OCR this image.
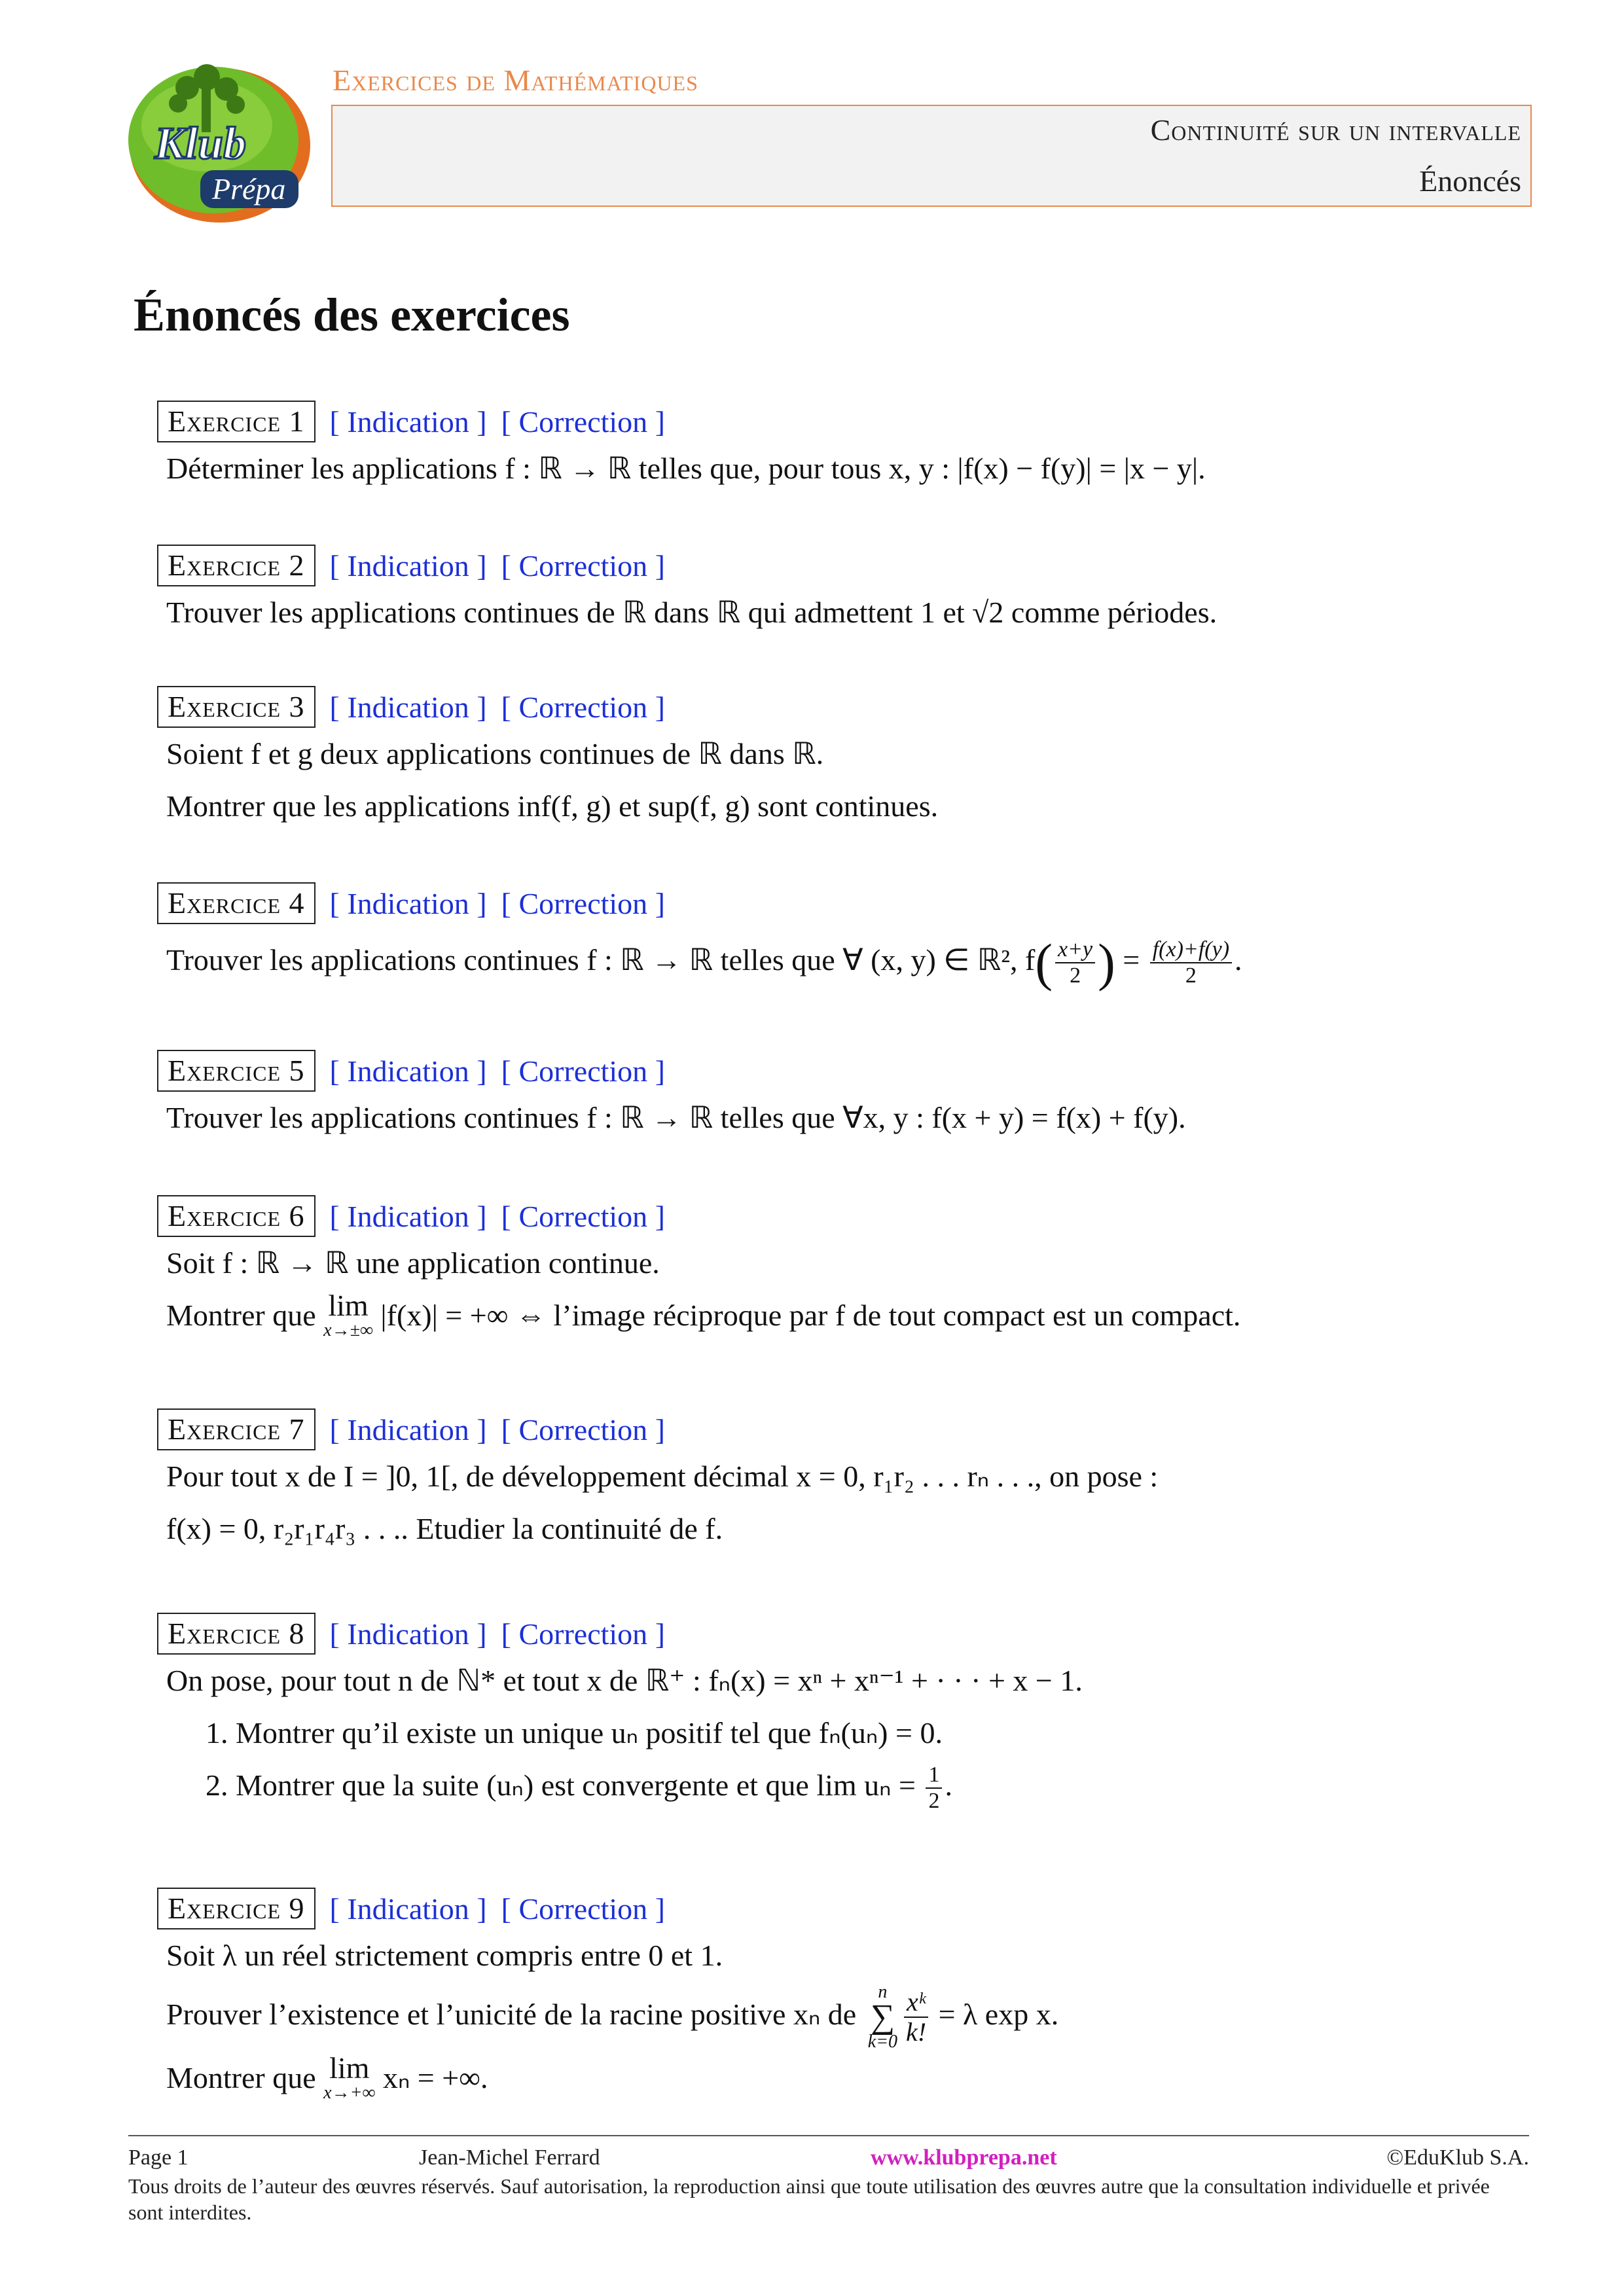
Klub
Prépa
Exercices de Mathématiques
Continuité sur un intervalle
Énoncés
Énoncés des exercices
Exercice 1 [ Indication ] [ Correction ]
Déterminer les applications f : ℝ → ℝ telles que, pour tous x, y : |f(x) − f(y)| = |x − y|.
Exercice 2 [ Indication ] [ Correction ]
Trouver les applications continues de ℝ dans ℝ qui admettent 1 et √2 comme périodes.
Exercice 3 [ Indication ] [ Correction ]
Soient f et g deux applications continues de ℝ dans ℝ.
Montrer que les applications inf(f, g) et sup(f, g) sont continues.
Exercice 4 [ Indication ] [ Correction ]
Trouver les applications continues f : ℝ → ℝ telles que ∀ (x, y) ∈ ℝ², $f( \frac{x+y}{2}$ ) = $\frac{f(x)+f(y)}{2}$ .
Exercice 5 [ Indication ] [ Correction ]
Trouver les applications continues f : ℝ → ℝ telles que ∀x, y : f(x + y) = f(x) + f(y).
Exercice 6 [ Indication ] [ Correction ]
Soit f : ℝ → ℝ une application continue.
Montrer que lim
x→±∞ |f(x)| = +∞ ⇔ l’image réciproque par f de tout compact est un compact.
Exercice 7 [ Indication ] [ Correction ]
Pour tout x de I = ]0, 1[, de développement décimal x = 0, r₁r₂ . . . rₙ . . ., on pose :
f(x) = 0, r₂r₁r₄r₃ . . .. Etudier la continuité de f.
Exercice 8 [ Indication ] [ Correction ]
On pose, pour tout n de ℕ* et tout x de ℝ⁺ : fₙ(x) = xⁿ + xⁿ⁻¹ + · · · + x − 1.
1. Montrer qu’il existe un unique uₙ positif tel que fₙ(uₙ) = 0.
2. Montrer que la suite (uₙ) est convergente et que $\lim u_n = \frac{1}{2}$ .
Exercice 9 [ Indication ] [ Correction ]
Soit λ un réel strictement compris entre 0 et 1.
Prouver l’existence et l’unicité de la racine positive xₙ de
n
∑
$k=0 \frac{\text{xᵏ}}{k!} = \lambda$ exp x.
Montrer que lim
x→+∞ xₙ = +∞.
Page 1	Jean-Michel Ferrard	www.klubprepa.net	©EduKlub S.A.
Tous droits de l’auteur des œuvres réservés. Sauf autorisation, la reproduction ainsi que toute utilisation des œuvres autre que la consultation individuelle et privée sont interdites.
